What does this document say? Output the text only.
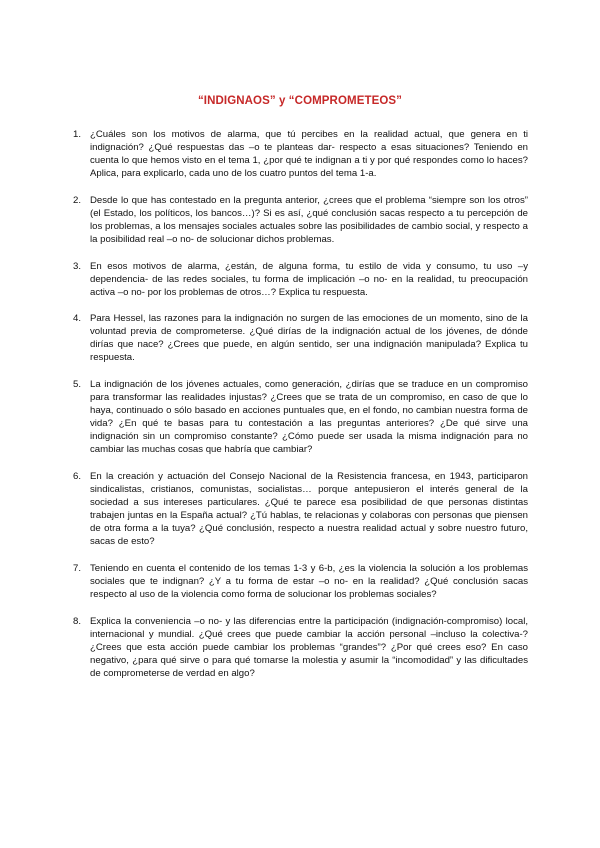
“INDIGNAOS” y “COMPROMETEOS”
1. ¿Cuáles son los motivos de alarma, que tú percibes en la realidad actual, que genera en ti indignación? ¿Qué respuestas das –o te planteas dar- respecto a esas situaciones? Teniendo en cuenta lo que hemos visto en el tema 1, ¿por qué te indignan a ti y por qué respondes como lo haces? Aplica, para explicarlo, cada uno de los cuatro puntos del tema 1-a.
2. Desde lo que has contestado en la pregunta anterior, ¿crees que el problema “siempre son los otros” (el Estado, los políticos, los bancos…)? Si es así, ¿qué conclusión sacas respecto a tu percepción de los problemas, a los mensajes sociales actuales sobre las posibilidades de cambio social, y respecto a la posibilidad real –o no- de solucionar dichos problemas.
3. En esos motivos de alarma, ¿están, de alguna forma, tu estilo de vida y consumo, tu uso –y dependencia- de las redes sociales, tu forma de implicación –o no- en la realidad, tu preocupación activa –o no- por los problemas de otros…? Explica tu respuesta.
4. Para Hessel, las razones para la indignación no surgen de las emociones de un momento, sino de la voluntad previa de comprometerse. ¿Qué dirías de la indignación actual de los jóvenes, de dónde dirías que nace? ¿Crees que puede, en algún sentido, ser una indignación manipulada? Explica tu respuesta.
5. La indignación de los jóvenes actuales, como generación, ¿dirías que se traduce en un compromiso para transformar las realidades injustas? ¿Crees que se trata de un compromiso, en caso de que lo haya, continuado o sólo basado en acciones puntuales que, en el fondo, no cambian nuestra forma de vida? ¿En qué te basas para tu contestación a las preguntas anteriores? ¿De qué sirve una indignación sin un compromiso constante? ¿Cómo puede ser usada la misma indignación para no cambiar las muchas cosas que habría que cambiar?
6. En la creación y actuación del Consejo Nacional de la Resistencia francesa, en 1943, participaron sindicalistas, cristianos, comunistas, socialistas… porque antepusieron el interés general de la sociedad a sus intereses particulares. ¿Qué te parece esa posibilidad de que personas distintas trabajen juntas en la España actual? ¿Tú hablas, te relacionas y colaboras con personas que piensen de otra forma a la tuya? ¿Qué conclusión, respecto a nuestra realidad actual y sobre nuestro futuro, sacas de esto?
7. Teniendo en cuenta el contenido de los temas 1-3 y 6-b, ¿es la violencia la solución a los problemas sociales que te indignan? ¿Y a tu forma de estar –o no- en la realidad? ¿Qué conclusión sacas respecto al uso de la violencia como forma de solucionar los problemas sociales?
8. Explica la conveniencia –o no- y las diferencias entre la participación (indignación-compromiso) local, internacional y mundial. ¿Qué crees que puede cambiar la acción personal –incluso la colectiva-? ¿Crees que esta acción puede cambiar los problemas “grandes”? ¿Por qué crees eso? En caso negativo, ¿para qué sirve o para qué tomarse la molestia y asumir la “incomodidad” y las dificultades de comprometerse de verdad en algo?
